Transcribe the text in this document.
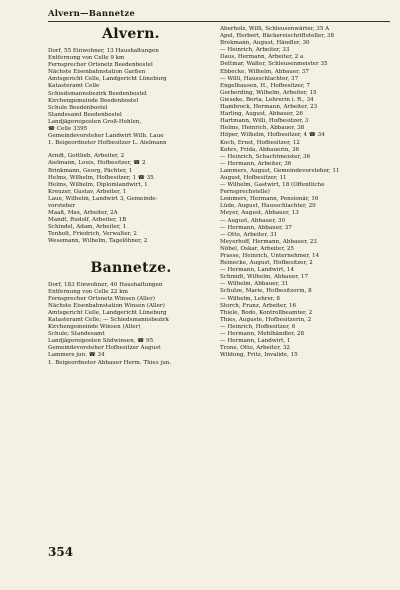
Alvern—Bannetze
Alvern.
Dorf, 55 Einwohner, 13 Haushaltungen
Entfernung von Celle 9 km
Fernsprecher Ortsnetz Beedenbostel
Nächste Eisenbahnstation Garßen
Amtsgericht Celle, Landgericht Lüneburg
Katasteramt Celle
Schiedsmannsbezirk Beedenbostel
Kirchengemeinde Beedenbostel
Schule Beedenbostel
Standesamt Beedenbostel
Landjägereiposten Groß-Hehlen,
☎ Celle 3395
Gemeindevorsteher Landwirt Wilh. Laue
1. Beigeordneter Hofbesitzer L. Aielmann
Arndt, Gottlieb, Arbeiter, 2
Aielmann, Louis, Hofbesitzer, ☎ 2
Brinkmann, Georg, Pächter, 1
Helms, Wilhelm, Hofbesitzer, 1 ☎ 35
Helms, Wilhelm, Diplomlandwirt, 1
Kreuzer, Gustav, Arbeiter, 1
Laue, Wilhelm, Landwirt 3, Gemeinde-
vorsteher
Maaß, Max, Arbeiter, 2A
Mandt, Rudolf, Arbeiter, 1B
Schindel, Adam, Arbeiter, 1
Tenholt, Friedrich, Verwalter, 2
Wesemann, Wilhelm, Tagelöhner, 2
Bannetze.
Dorf, 183 Einwohner, 40 Haushaltungen
Entfernung von Celle 22 km
Fernsprecher Ortsnetz Winsen (Aller)
Nächste Eisenbahnstation Winsen (Aller)
Amtsgericht Celle, Landgericht Lüneburg
Katasteramt Celle; — Schiedsmannsbezirk
Kirchengemeinde Winsen (Aller)
Schule; Standesamt
Landjägereiposten Südwinsen, ☎ 95
Gemeindevorsteher Hofbesitzer August
Lammers jun. ☎ 34
1. Beigeordneter Abbauer Herm. Thies jun.
Aberholz, Willi, Schleusenwärter, 35 A
Apel, Herbert, Bäckereischriftsteller, 38
Brekmann, August, Händler, 30
— Heinrich, Arbeiter, 33
Daus, Hermann, Arbeiter, 2 a
Dettmar, Walter, Schleusenmeister 35
Ebbecke, Wilhelm, Abbauer, 37
— Willi, Hausschlachter, 37
Engelhausen, H., Hofbesitzer, 7
Gerberding, Wilhelm, Arbeiter, 15
Gieseke, Berta, Lehrerin i. R., 34
Hambrock, Hermann, Arbeiter, 23
Harling, August, Abbauer, 26
Hartmann, Willi, Hofbesitzer, 3
Helms, Heinrich, Abbauer, 38
Höper, Wilhelm, Hofbesitzer, 4 ☎ 34
Koch, Ernst, Hofbesitzer, 12
Kohrs, Frida, Abbauerin, 36
— Heinrich, Schachtmeister, 36
— Hermann, Arbeiter, 36
Lammers, August, Gemeindevorsteher, 11
August, Hofbesitzer, 11
— Wilhelm, Gastwirt, 18 (Öffentliche
Fernsprechstelle)
Lemmers, Hermann, Pensionär, 16
Lüde, August, Hausschlachter, 29
Meyer, August, Abbauer, 13
— August, Abbauer, 30
— Hermann, Abbauer, 37
— Otto, Arbeiter, 31
Meyerhoff, Hermann, Abbauer, 23
Nöbel, Oskar, Arbeiter, 25
Prasse, Heinrich, Unternehmer, 14
Reinecke, August, Hofbesitzer, 2
— Hermann, Landwirt, 14
Schmidt, Wilhelm, Abbauer, 17
— Wilhelm, Abbauer, 31
Schulze, Marie, Hofbesitzerin, 8
— Wilhelm, Lehrer, 8
Storch, Franz, Arbeiter, 16
Thiele, Bodo, Kontrollbeamter, 2
Thies, Auguste, Hofbesitzerin, 2
— Heinrich, Hofbesitzer, 6
— Hermann, Mehlhändler, 28
— Hermann, Landwirt, 1
Trone, Otto, Arbeiter, 32
Wildung, Fritz, Invalide, 15
354
